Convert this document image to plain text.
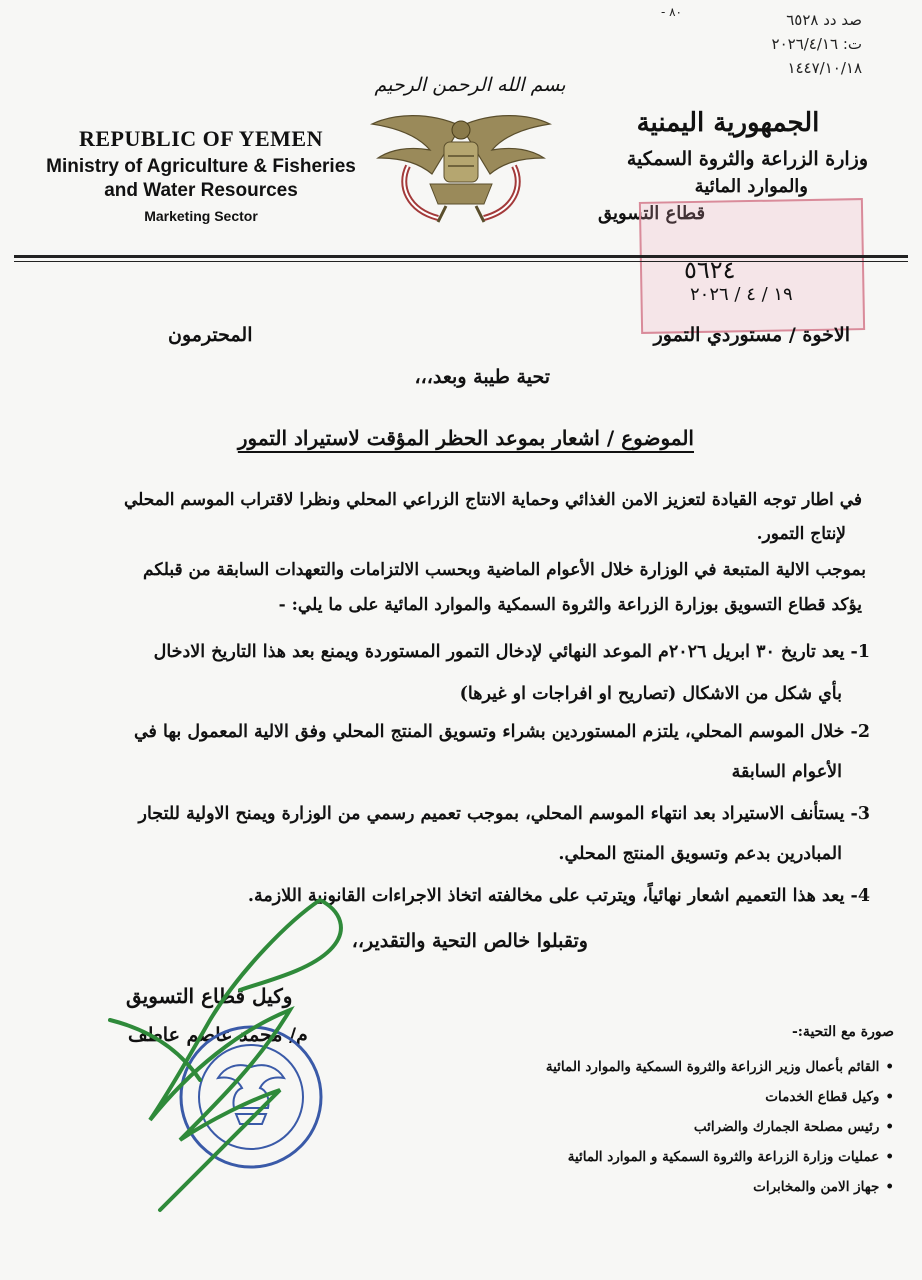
٨٠ -	صد دد ٦٥٢٨
ت: ٢٠٢٦/٤/١٦
١٤٤٧/١٠/١٨
REPUBLIC OF YEMEN
Ministry of Agriculture & Fisheries
and Water Resources
Marketing Sector
بسم الله الرحمن الرحيم
الجمهورية اليمنية
وزارة الزراعة والثروة السمكية
والموارد المائية
قطاع التسويق
٥٦٢٤
١٩ / ٤ / ٢٠٢٦
الاخوة / مستوردي التمور
المحترمون
تحية طيبة وبعد،،،
الموضوع / اشعار بموعد الحظر المؤقت لاستيراد التمور
في اطار توجه القيادة لتعزيز الامن الغذائي وحماية الانتاج الزراعي المحلي ونظرا لاقتراب الموسم المحلي
لإنتاج التمور.
بموجب الالية المتبعة في الوزارة خلال الأعوام الماضية وبحسب الالتزامات والتعهدات السابقة من قبلكم
يؤكد قطاع التسويق بوزارة الزراعة والثروة السمكية والموارد المائية على ما يلي: -
1- يعد تاريخ ٣٠ ابريل ٢٠٢٦م الموعد النهائي لإدخال التمور المستوردة ويمنع بعد هذا التاريخ الادخال
بأي شكل من الاشكال (تصاريح او افراجات او غيرها)
2- خلال الموسم المحلي، يلتزم المستوردين بشراء وتسويق المنتج المحلي وفق الالية المعمول بها في
الأعوام السابقة
3- يستأنف الاستيراد بعد انتهاء الموسم المحلي، بموجب تعميم رسمي من الوزارة ويمنح الاولية للتجار
المبادرين بدعم وتسويق المنتج المحلي.
4- يعد هذا التعميم اشعار نهائياً، ويترتب على مخالفته اتخاذ الاجراءات القانونية اللازمة.
وتقبلوا خالص التحية والتقدير،،
وكيل قطاع التسويق
م/ محمد عاصم عاطف	صورة مع التحية:-
• القائم بأعمال وزير الزراعة والثروة السمكية والموارد المائية
• وكيل قطاع الخدمات
• رئيس مصلحة الجمارك والضرائب
• عمليات وزارة الزراعة والثروة السمكية و الموارد المائية
• جهاز الامن والمخابرات
